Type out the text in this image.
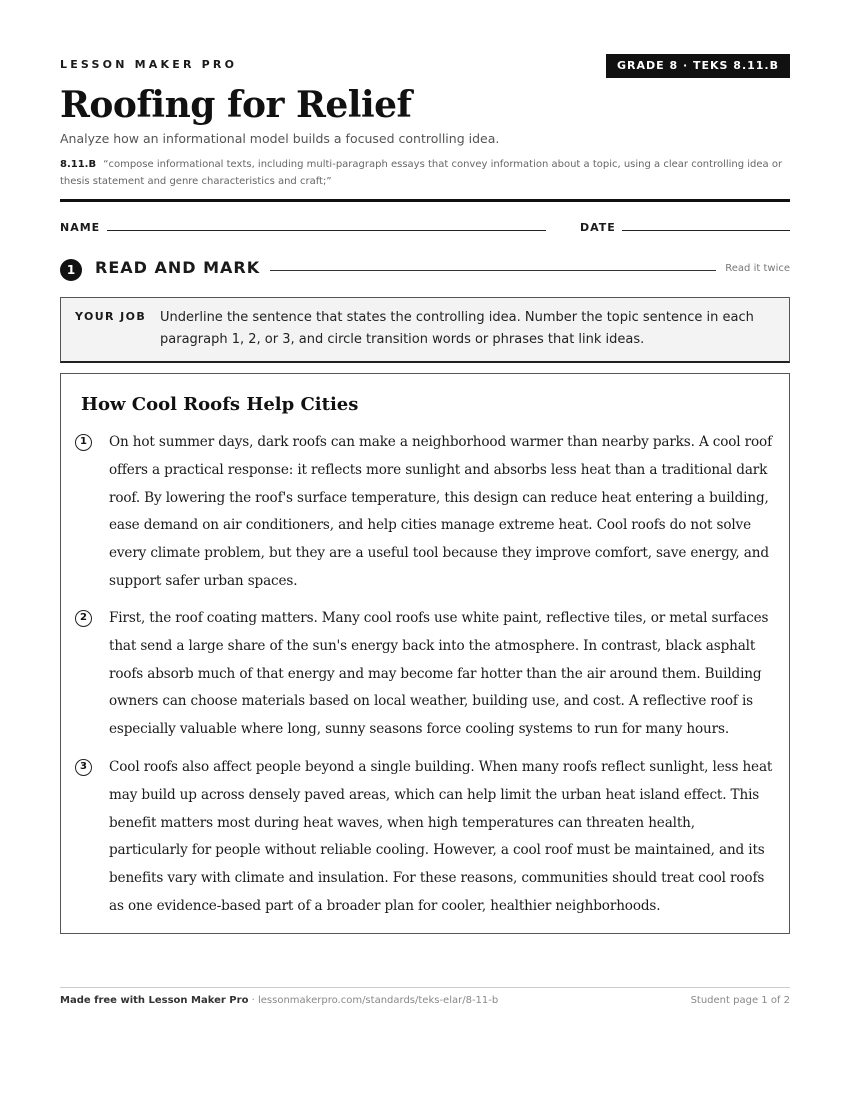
LESSON MAKER PRO	GRADE 8 · TEKS 8.11.B
Roofing for Relief
Analyze how an informational model builds a focused controlling idea.
8.11.B “compose informational texts, including multi-paragraph essays that convey information about a topic, using a clear controlling idea or thesis statement and genre characteristics and craft;”
NAME	DATE
1	READ AND MARK	Read it twice
YOUR JOB Underline the sentence that states the controlling idea. Number the topic sentence in each paragraph 1, 2, or 3, and circle transition words or phrases that link ideas.
How Cool Roofs Help Cities
1	On hot summer days, dark roofs can make a neighborhood warmer than nearby parks. A cool roof offers a practical response: it reflects more sunlight and absorbs less heat than a traditional dark roof. By lowering the roof's surface temperature, this design can reduce heat entering a building, ease demand on air conditioners, and help cities manage extreme heat. Cool roofs do not solve every climate problem, but they are a useful tool because they improve comfort, save energy, and support safer urban spaces.

2	First, the roof coating matters. Many cool roofs use white paint, reflective tiles, or metal surfaces that send a large share of the sun's energy back into the atmosphere. In contrast, black asphalt roofs absorb much of that energy and may become far hotter than the air around them. Building owners can choose materials based on local weather, building use, and cost. A reflective roof is especially valuable where long, sunny seasons force cooling systems to run for many hours.

3	Cool roofs also affect people beyond a single building. When many roofs reflect sunlight, less heat may build up across densely paved areas, which can help limit the urban heat island effect. This benefit matters most during heat waves, when high temperatures can threaten health, particularly for people without reliable cooling. However, a cool roof must be maintained, and its benefits vary with climate and insulation. For these reasons, communities should treat cool roofs as one evidence-based part of a broader plan for cooler, healthier neighborhoods.

Made free with Lesson Maker Pro · lessonmakerpro.com/standards/teks-elar/8-11-b	Student page 1 of 2
